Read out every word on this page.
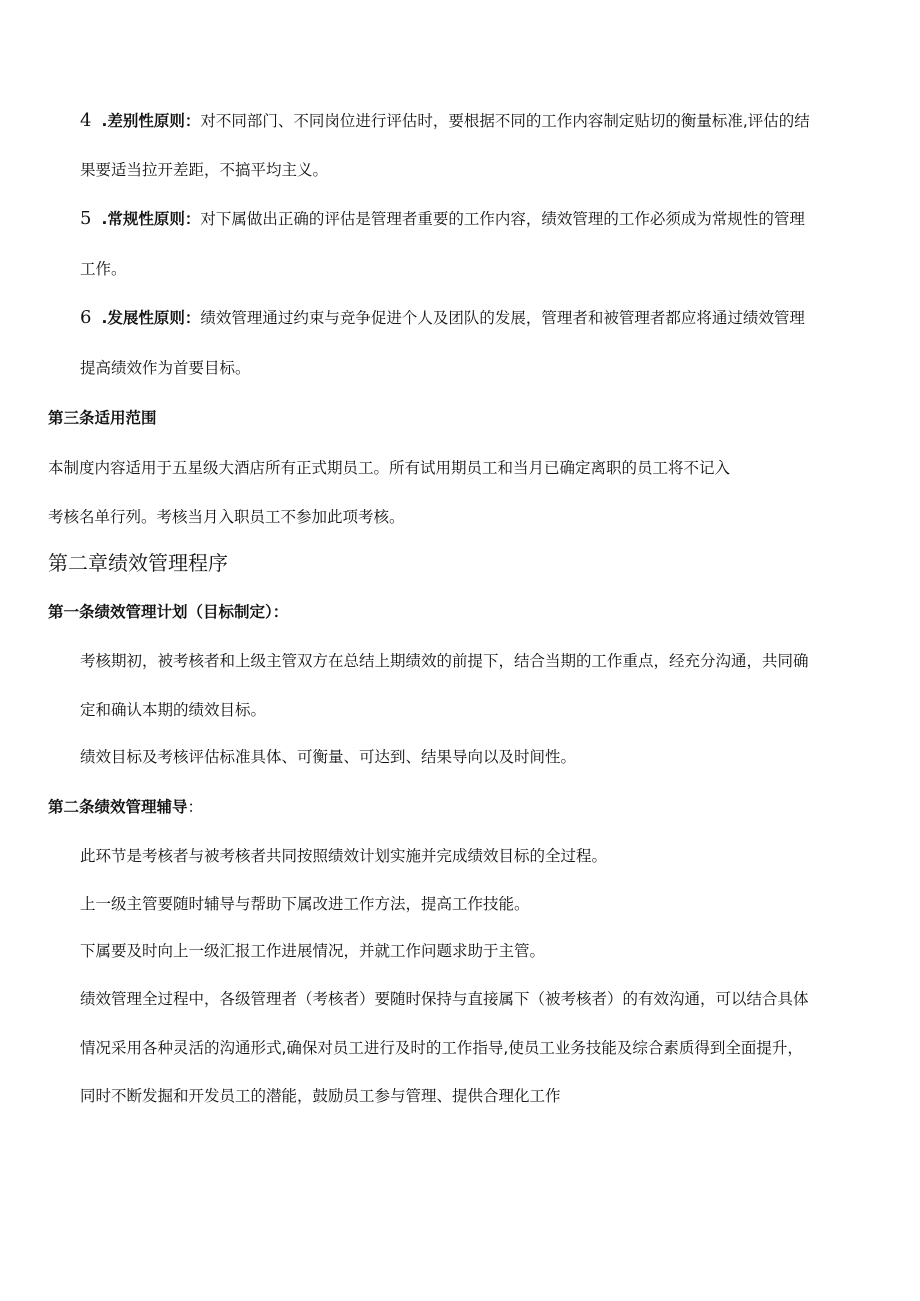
4 .差别性原则：对不同部门、不同岗位进行评估时，要根据不同的工作内容制定贴切的衡量标准,评估的结
果要适当拉开差距，不搞平均主义。
5 .常规性原则：对下属做出正确的评估是管理者重要的工作内容，绩效管理的工作必须成为常规性的管理
工作。
6 .发展性原则：绩效管理通过约束与竞争促进个人及团队的发展，管理者和被管理者都应将通过绩效管理
提高绩效作为首要目标。
第三条适用范围
本制度内容适用于五星级大酒店所有正式期员工。所有试用期员工和当月已确定离职的员工将不记入
考核名单行列。考核当月入职员工不参加此项考核。
第二章绩效管理程序
第一条绩效管理计划（目标制定）：
考核期初，被考核者和上级主管双方在总结上期绩效的前提下，结合当期的工作重点，经充分沟通，共同确
定和确认本期的绩效目标。
绩效目标及考核评估标准具体、可衡量、可达到、结果导向以及时间性。
第二条绩效管理辅导：
此环节是考核者与被考核者共同按照绩效计划实施并完成绩效目标的全过程。
上一级主管要随时辅导与帮助下属改进工作方法，提高工作技能。
下属要及时向上一级汇报工作进展情况，并就工作问题求助于主管。
绩效管理全过程中，各级管理者（考核者）要随时保持与直接属下（被考核者）的有效沟通，可以结合具体
情况采用各种灵活的沟通形式,确保对员工进行及时的工作指导,使员工业务技能及综合素质得到全面提升，
同时不断发掘和开发员工的潜能，鼓励员工参与管理、提供合理化工作
